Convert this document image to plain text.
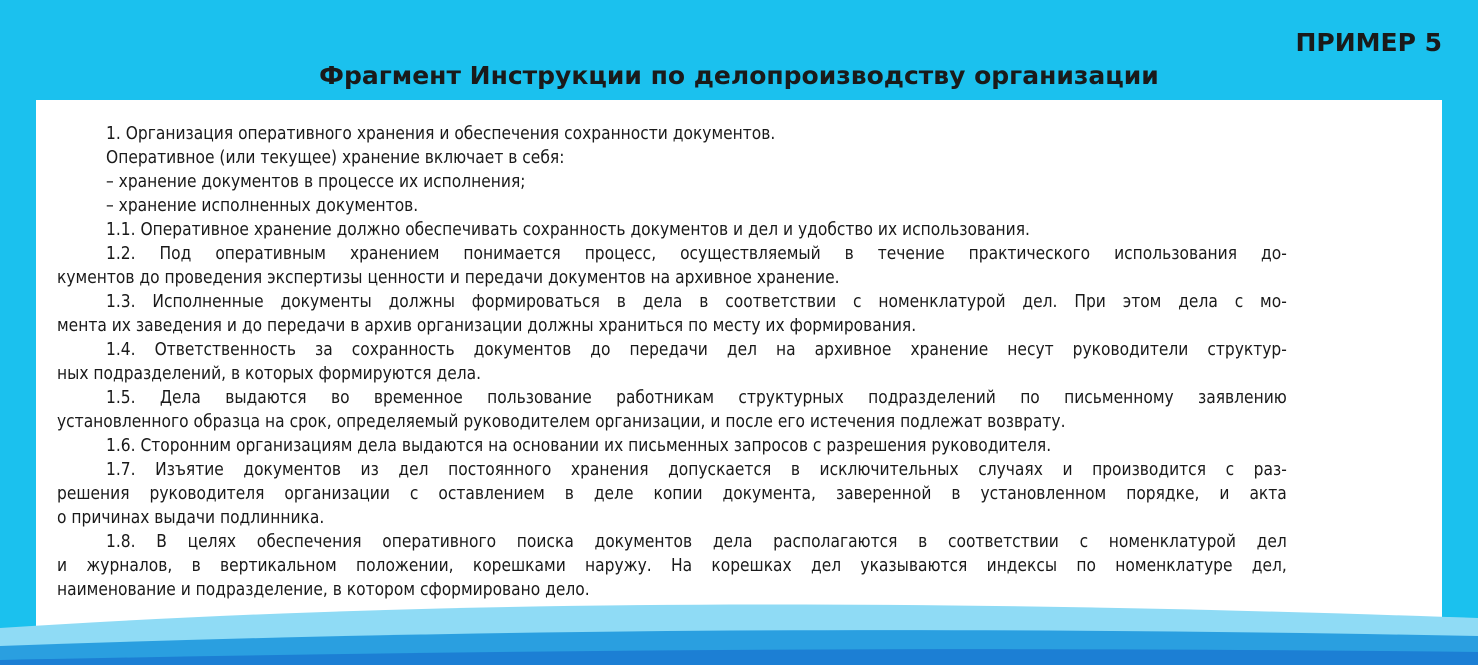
ПРИМЕР 5
Фрагмент Инструкции по делопроизводству организации
1. Организация оперативного хранения и обеспечения сохранности документов.
Оперативное (или текущее) хранение включает в себя:
– хранение документов в процессе их исполнения;
– хранение исполненных документов.
1.1. Оперативное хранение должно обеспечивать сохранность документов и дел и удобство их использования.
1.2. Под оперативным хранением понимается процесс, осуществляемый в течение практического использования до-
кументов до проведения экспертизы ценности и передачи документов на архивное хранение.
1.3. Исполненные документы должны формироваться в дела в соответствии с номенклатурой дел. При этом дела с мо-
мента их заведения и до передачи в архив организации должны храниться по месту их формирования.
1.4. Ответственность за сохранность документов до передачи дел на архивное хранение несут руководители структур-
ных подразделений, в которых формируются дела.
1.5. Дела выдаются во временное пользование работникам структурных подразделений по письменному заявлению
установленного образца на срок, определяемый руководителем организации, и после его истечения подлежат возврату.
1.6. Сторонним организациям дела выдаются на основании их письменных запросов с разрешения руководителя.
1.7. Изъятие документов из дел постоянного хранения допускается в исключительных случаях и производится с раз-
решения руководителя организации с оставлением в деле копии документа, заверенной в установленном порядке, и акта
о причинах выдачи подлинника.
1.8. В целях обеспечения оперативного поиска документов дела располагаются в соответствии с номенклатурой дел
и журналов, в вертикальном положении, корешками наружу. На корешках дел указываются индексы по номенклатуре дел,
наименование и подразделение, в котором сформировано дело.
